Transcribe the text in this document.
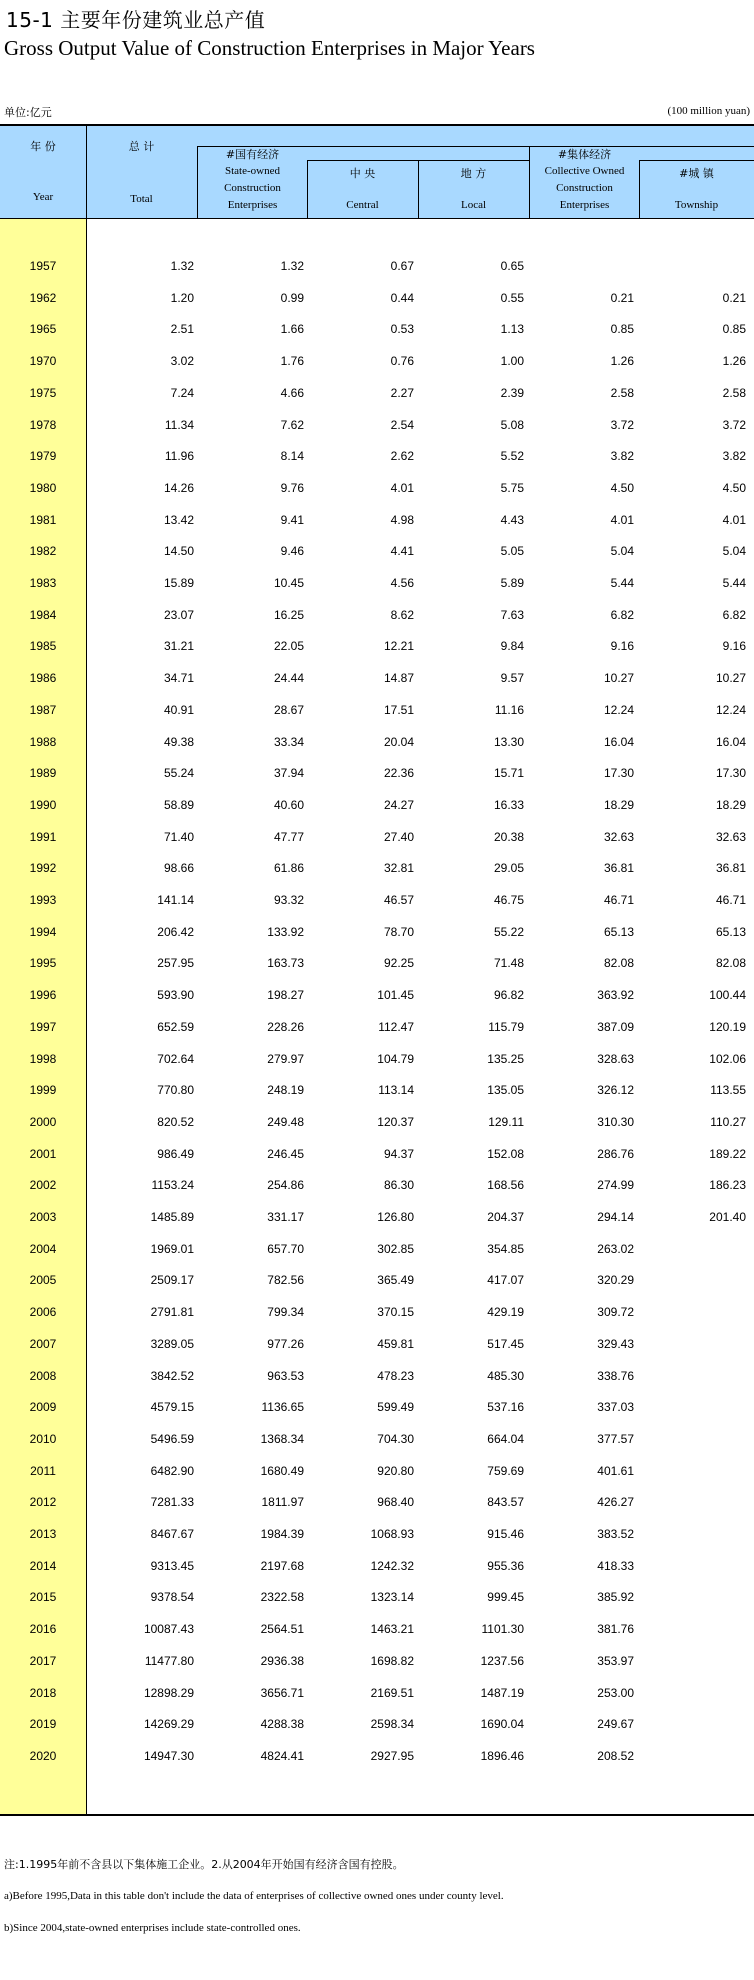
15-1 主要年份建筑业总产值
Gross Output Value of Construction Enterprises in Major Years
单位:亿元	(100 million yuan)
年 份
Year
总 计
Total
#国有经济
State-owned
Construction
Enterprises
中 央
Central
地 方
Local
#集体经济
Collective Owned
Construction
Enterprises
#城 镇
Township
1957	1.32	1.32	0.67	0.65
1962	1.20	0.99	0.44	0.55	0.21	0.21
1965	2.51	1.66	0.53	1.13	0.85	0.85
1970	3.02	1.76	0.76	1.00	1.26	1.26
1975	7.24	4.66	2.27	2.39	2.58	2.58
1978	11.34	7.62	2.54	5.08	3.72	3.72
1979	11.96	8.14	2.62	5.52	3.82	3.82
1980	14.26	9.76	4.01	5.75	4.50	4.50
1981	13.42	9.41	4.98	4.43	4.01	4.01
1982	14.50	9.46	4.41	5.05	5.04	5.04
1983	15.89	10.45	4.56	5.89	5.44	5.44
1984	23.07	16.25	8.62	7.63	6.82	6.82
1985	31.21	22.05	12.21	9.84	9.16	9.16
1986	34.71	24.44	14.87	9.57	10.27	10.27
1987	40.91	28.67	17.51	11.16	12.24	12.24
1988	49.38	33.34	20.04	13.30	16.04	16.04
1989	55.24	37.94	22.36	15.71	17.30	17.30
1990	58.89	40.60	24.27	16.33	18.29	18.29
1991	71.40	47.77	27.40	20.38	32.63	32.63
1992	98.66	61.86	32.81	29.05	36.81	36.81
1993	141.14	93.32	46.57	46.75	46.71	46.71
1994	206.42	133.92	78.70	55.22	65.13	65.13
1995	257.95	163.73	92.25	71.48	82.08	82.08
1996	593.90	198.27	101.45	96.82	363.92	100.44
1997	652.59	228.26	112.47	115.79	387.09	120.19
1998	702.64	279.97	104.79	135.25	328.63	102.06
1999	770.80	248.19	113.14	135.05	326.12	113.55
2000	820.52	249.48	120.37	129.11	310.30	110.27
2001	986.49	246.45	94.37	152.08	286.76	189.22
2002	1153.24	254.86	86.30	168.56	274.99	186.23
2003	1485.89	331.17	126.80	204.37	294.14	201.40
2004	1969.01	657.70	302.85	354.85	263.02
2005	2509.17	782.56	365.49	417.07	320.29
2006	2791.81	799.34	370.15	429.19	309.72
2007	3289.05	977.26	459.81	517.45	329.43
2008	3842.52	963.53	478.23	485.30	338.76
2009	4579.15	1136.65	599.49	537.16	337.03
2010	5496.59	1368.34	704.30	664.04	377.57
2011	6482.90	1680.49	920.80	759.69	401.61
2012	7281.33	1811.97	968.40	843.57	426.27
2013	8467.67	1984.39	1068.93	915.46	383.52
2014	9313.45	2197.68	1242.32	955.36	418.33
2015	9378.54	2322.58	1323.14	999.45	385.92
2016	10087.43	2564.51	1463.21	1101.30	381.76
2017	11477.80	2936.38	1698.82	1237.56	353.97
2018	12898.29	3656.71	2169.51	1487.19	253.00
2019	14269.29	4288.38	2598.34	1690.04	249.67
2020	14947.30	4824.41	2927.95	1896.46	208.52
注:1.1995年前不含县以下集体施工企业。2.从2004年开始国有经济含国有控股。
a)Before 1995,Data in this table don't include the data of enterprises of collective owned ones under county level.
b)Since 2004,state-owned enterprises include state-controlled ones.
